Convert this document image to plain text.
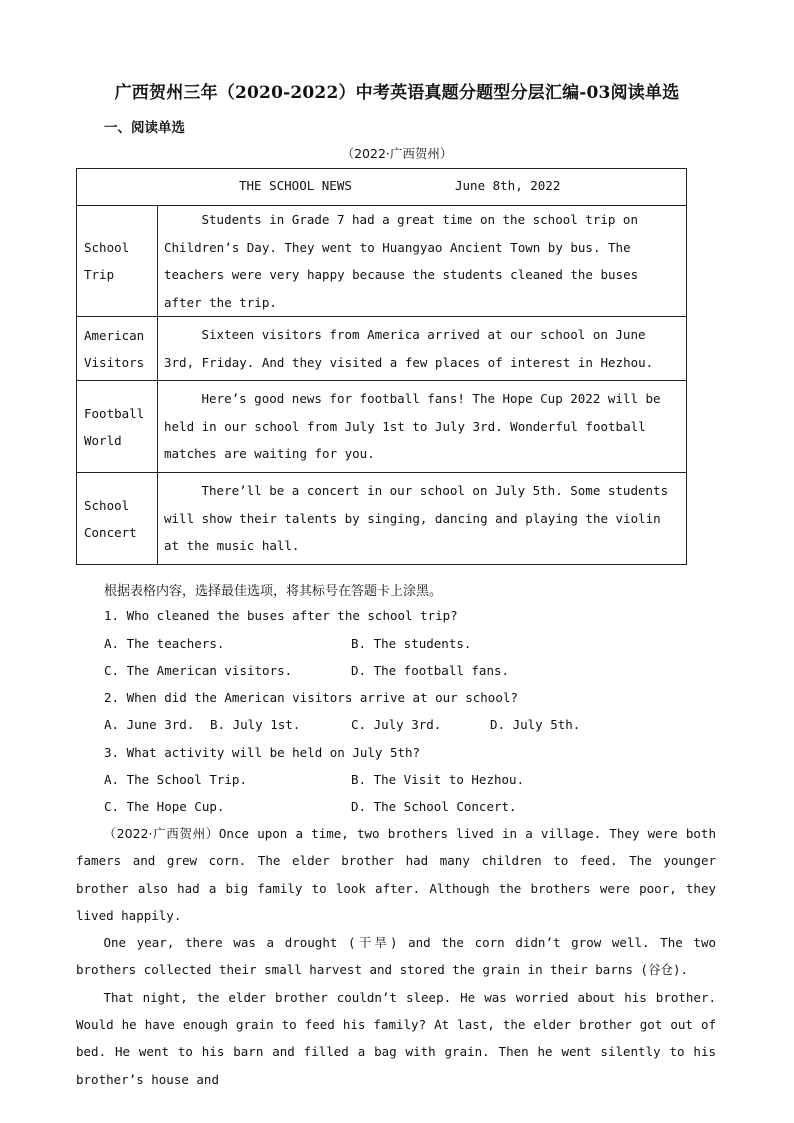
广西贺州三年（2020-2022）中考英语真题分题型分层汇编-03阅读单选
一、阅读单选
（2022·广西贺州）
THE SCHOOL NEWS June 8th, 2022	

School Trip	Students in Grade 7 had a great time on the school trip on Children’s Day. They went to Huangyao Ancient Town by bus. The teachers were very happy because the students cleaned the buses after the trip.
American Visitors	Sixteen visitors from America arrived at our school on June 3rd, Friday. And they visited a few places of interest in Hezhou.
Football World	Here’s good news for football fans! The Hope Cup 2022 will be held in our school from July 1st to July 3rd. Wonderful football matches are waiting for you.
School Concert	There’ll be a concert in our school on July 5th. Some students will show their talents by singing, dancing and playing the violin at the music hall.
根据表格内容，选择最佳选项，将其标号在答题卡上涂黑。
1. Who cleaned the buses after the school trip?
A. The teachers.	B. The students.
C. The American visitors.	D. The football fans.
2. When did the American visitors arrive at our school?
A. June 3rd. B. July 1st.	C. July 3rd.	D. July 5th.
3. What activity will be held on July 5th?
A. The School Trip.	B. The Visit to Hezhou.
C. The Hope Cup.	D. The School Concert.

（2022·广西贺州）Once upon a time, two brothers lived in a village. They were both famers and grew corn. The elder brother had many children to feed. The younger brother also had a big family to look after. Although the brothers were poor, they lived happily.

One year, there was a drought (干旱) and the corn didn’t grow well. The two brothers collected their small harvest and stored the grain in their barns (谷仓).

That night, the elder brother couldn’t sleep. He was worried about his brother. Would he have enough grain to feed his family? At last, the elder brother got out of bed. He went to his barn and filled a bag with grain. Then he went silently to his brother’s house and
